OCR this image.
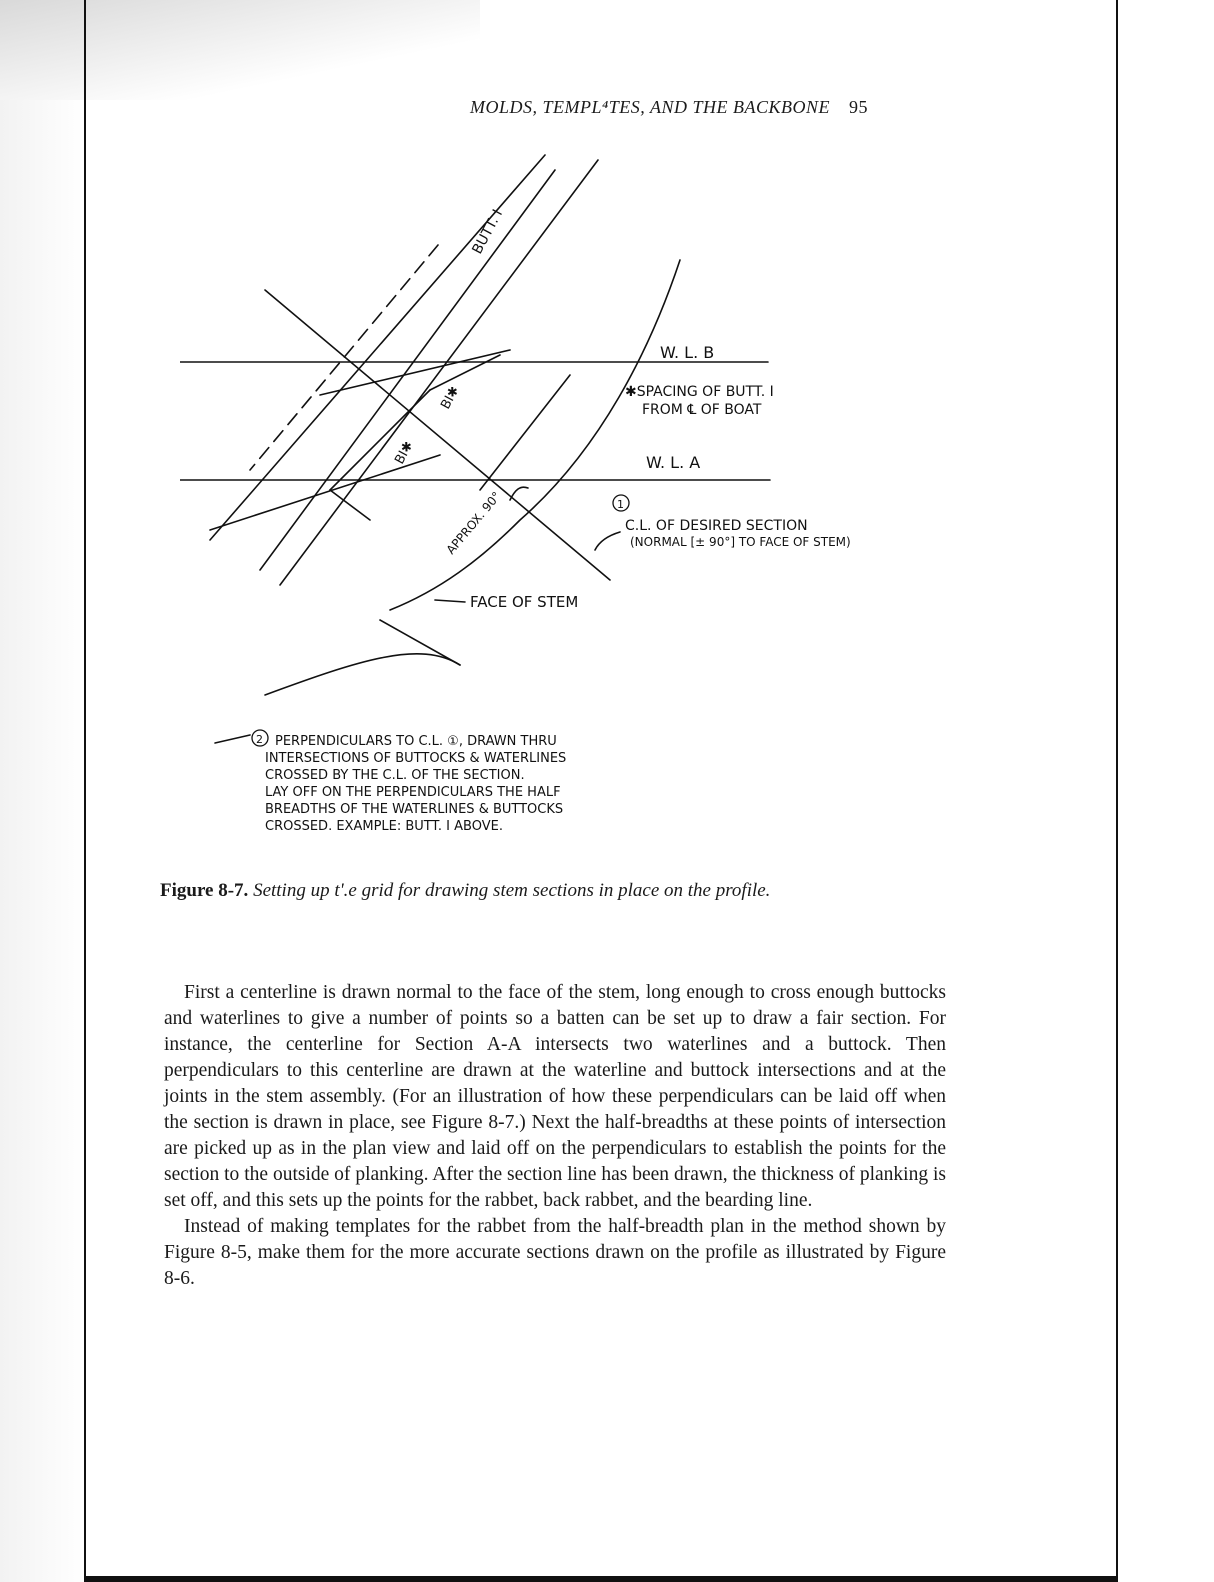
MOLDS, TEMPL⁴TES, AND THE BACKBONE 95
BUTT. I
W. L. B
✱SPACING OF BUTT. I
FROM ℄ OF BOAT
W. L. A
BI✱
BI✱
APPROX. 90°	1
C.L. OF DESIRED SECTION
(NORMAL [± 90°] TO FACE OF STEM)
FACE OF STEM
2 PERPENDICULARS TO C.L. ①, DRAWN THRU
INTERSECTIONS OF BUTTOCKS & WATERLINES
CROSSED BY THE C.L. OF THE SECTION.
LAY OFF ON THE PERPENDICULARS THE HALF
BREADTHS OF THE WATERLINES & BUTTOCKS
CROSSED. EXAMPLE: BUTT. I ABOVE.
Figure 8-7. Setting up t'.e grid for drawing stem sections in place on the profile.

First a centerline is drawn normal to the face of the stem, long enough to cross enough buttocks and waterlines to give a number of points so a batten can be set up to draw a fair section. For instance, the centerline for Section A-A intersects two waterlines and a buttock. Then perpendiculars to this centerline are drawn at the waterline and buttock intersections and at the joints in the stem assembly. (For an illustration of how these perpendiculars can be laid off when the section is drawn in place, see Figure 8-7.) Next the half-breadths at these points of intersection are picked up as in the plan view and laid off on the perpendiculars to establish the points for the section to the outside of planking. After the section line has been drawn, the thickness of planking is set off, and this sets up the points for the rabbet, back rabbet, and the bearding line.

Instead of making templates for the rabbet from the half-breadth plan in the method shown by Figure 8-5, make them for the more accurate sections drawn on the profile as illustrated by Figure 8-6.
